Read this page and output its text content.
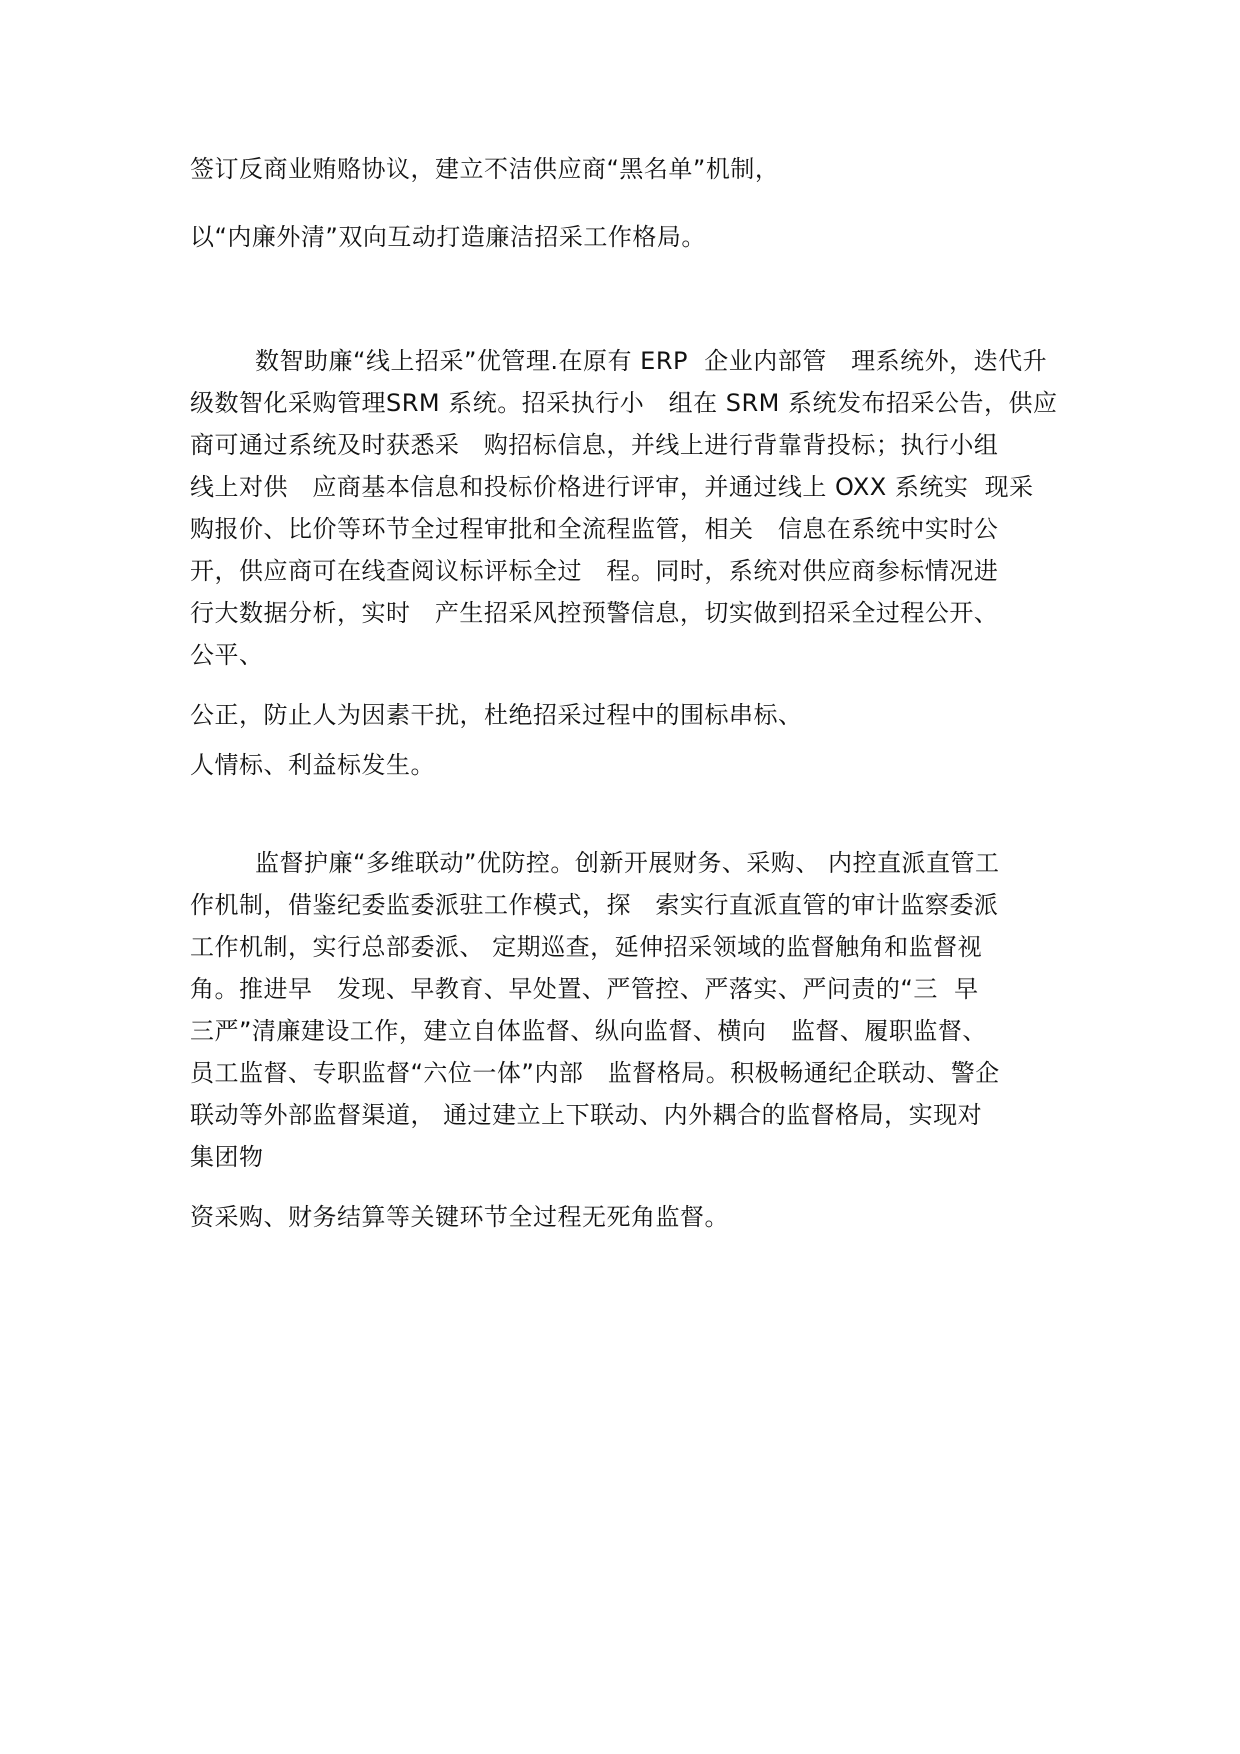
签订反商业贿赂协议，建立不洁供应商“黑名单”机制，
以“内廉外清”双向互动打造廉洁招采工作格局。
数智助廉“线上招采”优管理.在原有 ERP  企业内部管   理系统外，迭代升
级数智化采购管理SRM 系统。招采执行小   组在 SRM 系统发布招采公告，供应
商可通过系统及时获悉采   购招标信息，并线上进行背靠背投标；执行小组
线上对供   应商基本信息和投标价格进行评审，并通过线上 OXX 系统实  现采
购报价、比价等环节全过程审批和全流程监管，相关   信息在系统中实时公
开，供应商可在线查阅议标评标全过   程。同时，系统对供应商参标情况进
行大数据分析，实时   产生招采风控预警信息，切实做到招采全过程公开、
公平、
公正，防止人为因素干扰，杜绝招采过程中的围标串标、
人情标、利益标发生。
监督护廉“多维联动”优防控。创新开展财务、采购、 内控直派直管工
作机制，借鉴纪委监委派驻工作模式，探   索实行直派直管的审计监察委派
工作机制，实行总部委派、 定期巡查，延伸招采领域的监督触角和监督视
角。推进早   发现、早教育、早处置、严管控、严落实、严问责的“三  早
三严”清廉建设工作，建立自体监督、纵向监督、横向   监督、履职监督、
员工监督、专职监督“六位一体”内部   监督格局。积极畅通纪企联动、警企
联动等外部监督渠道， 通过建立上下联动、内外耦合的监督格局，实现对
集团物
资采购、财务结算等关键环节全过程无死角监督。
